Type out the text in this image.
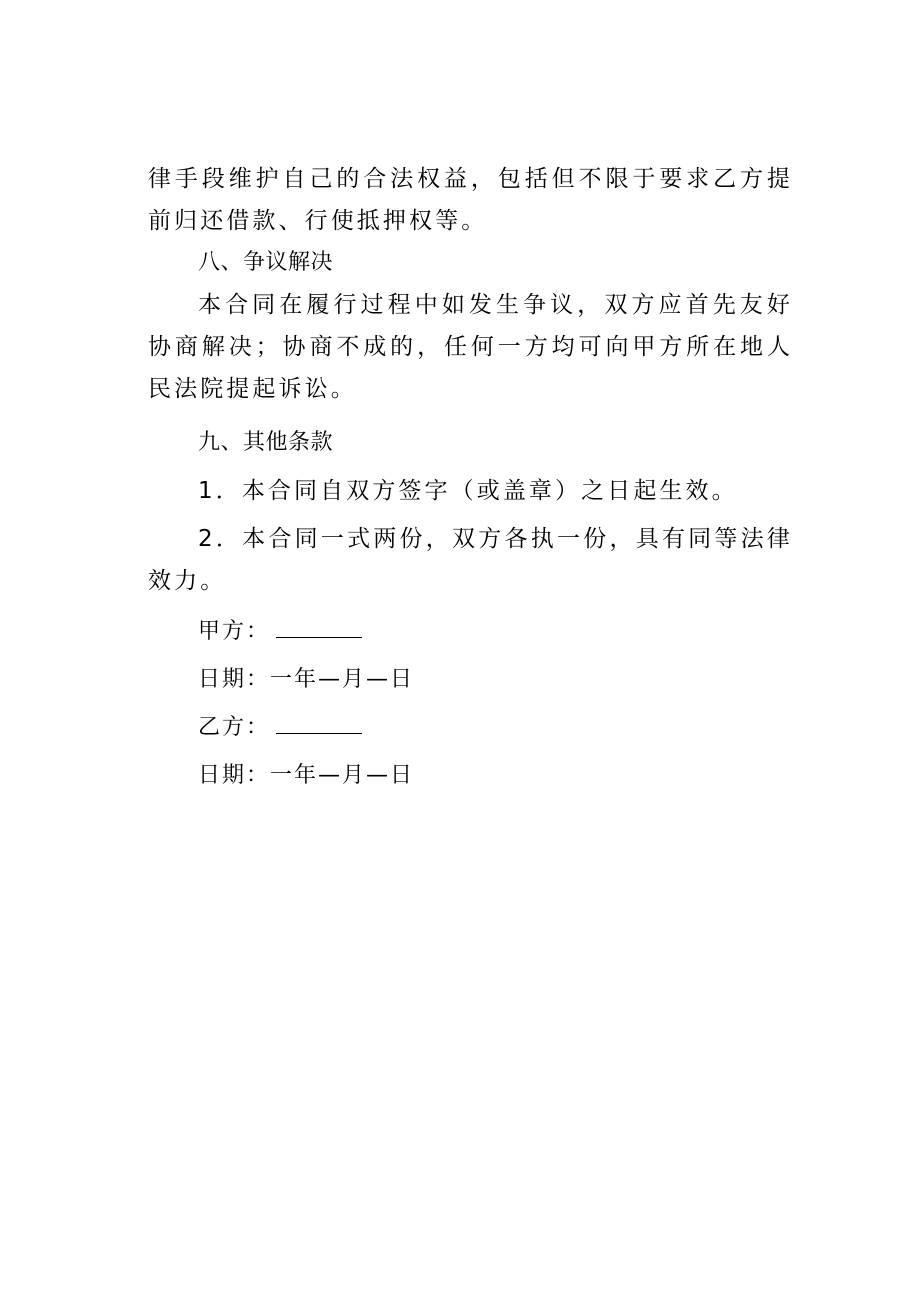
律手段维护自己的合法权益，包括但不限于要求乙方提前归还借款、行使抵押权等。

八、争议解决

本合同在履行过程中如发生争议，双方应首先友好协商解决；协商不成的，任何一方均可向甲方所在地人民法院提起诉讼。

九、其他条款

1．本合同自双方签字（或盖章）之日起生效。

2．本合同一式两份，双方各执一份，具有同等法律效力。

甲方：

日期：一年—月—日

乙方：

日期：一年—月—日
